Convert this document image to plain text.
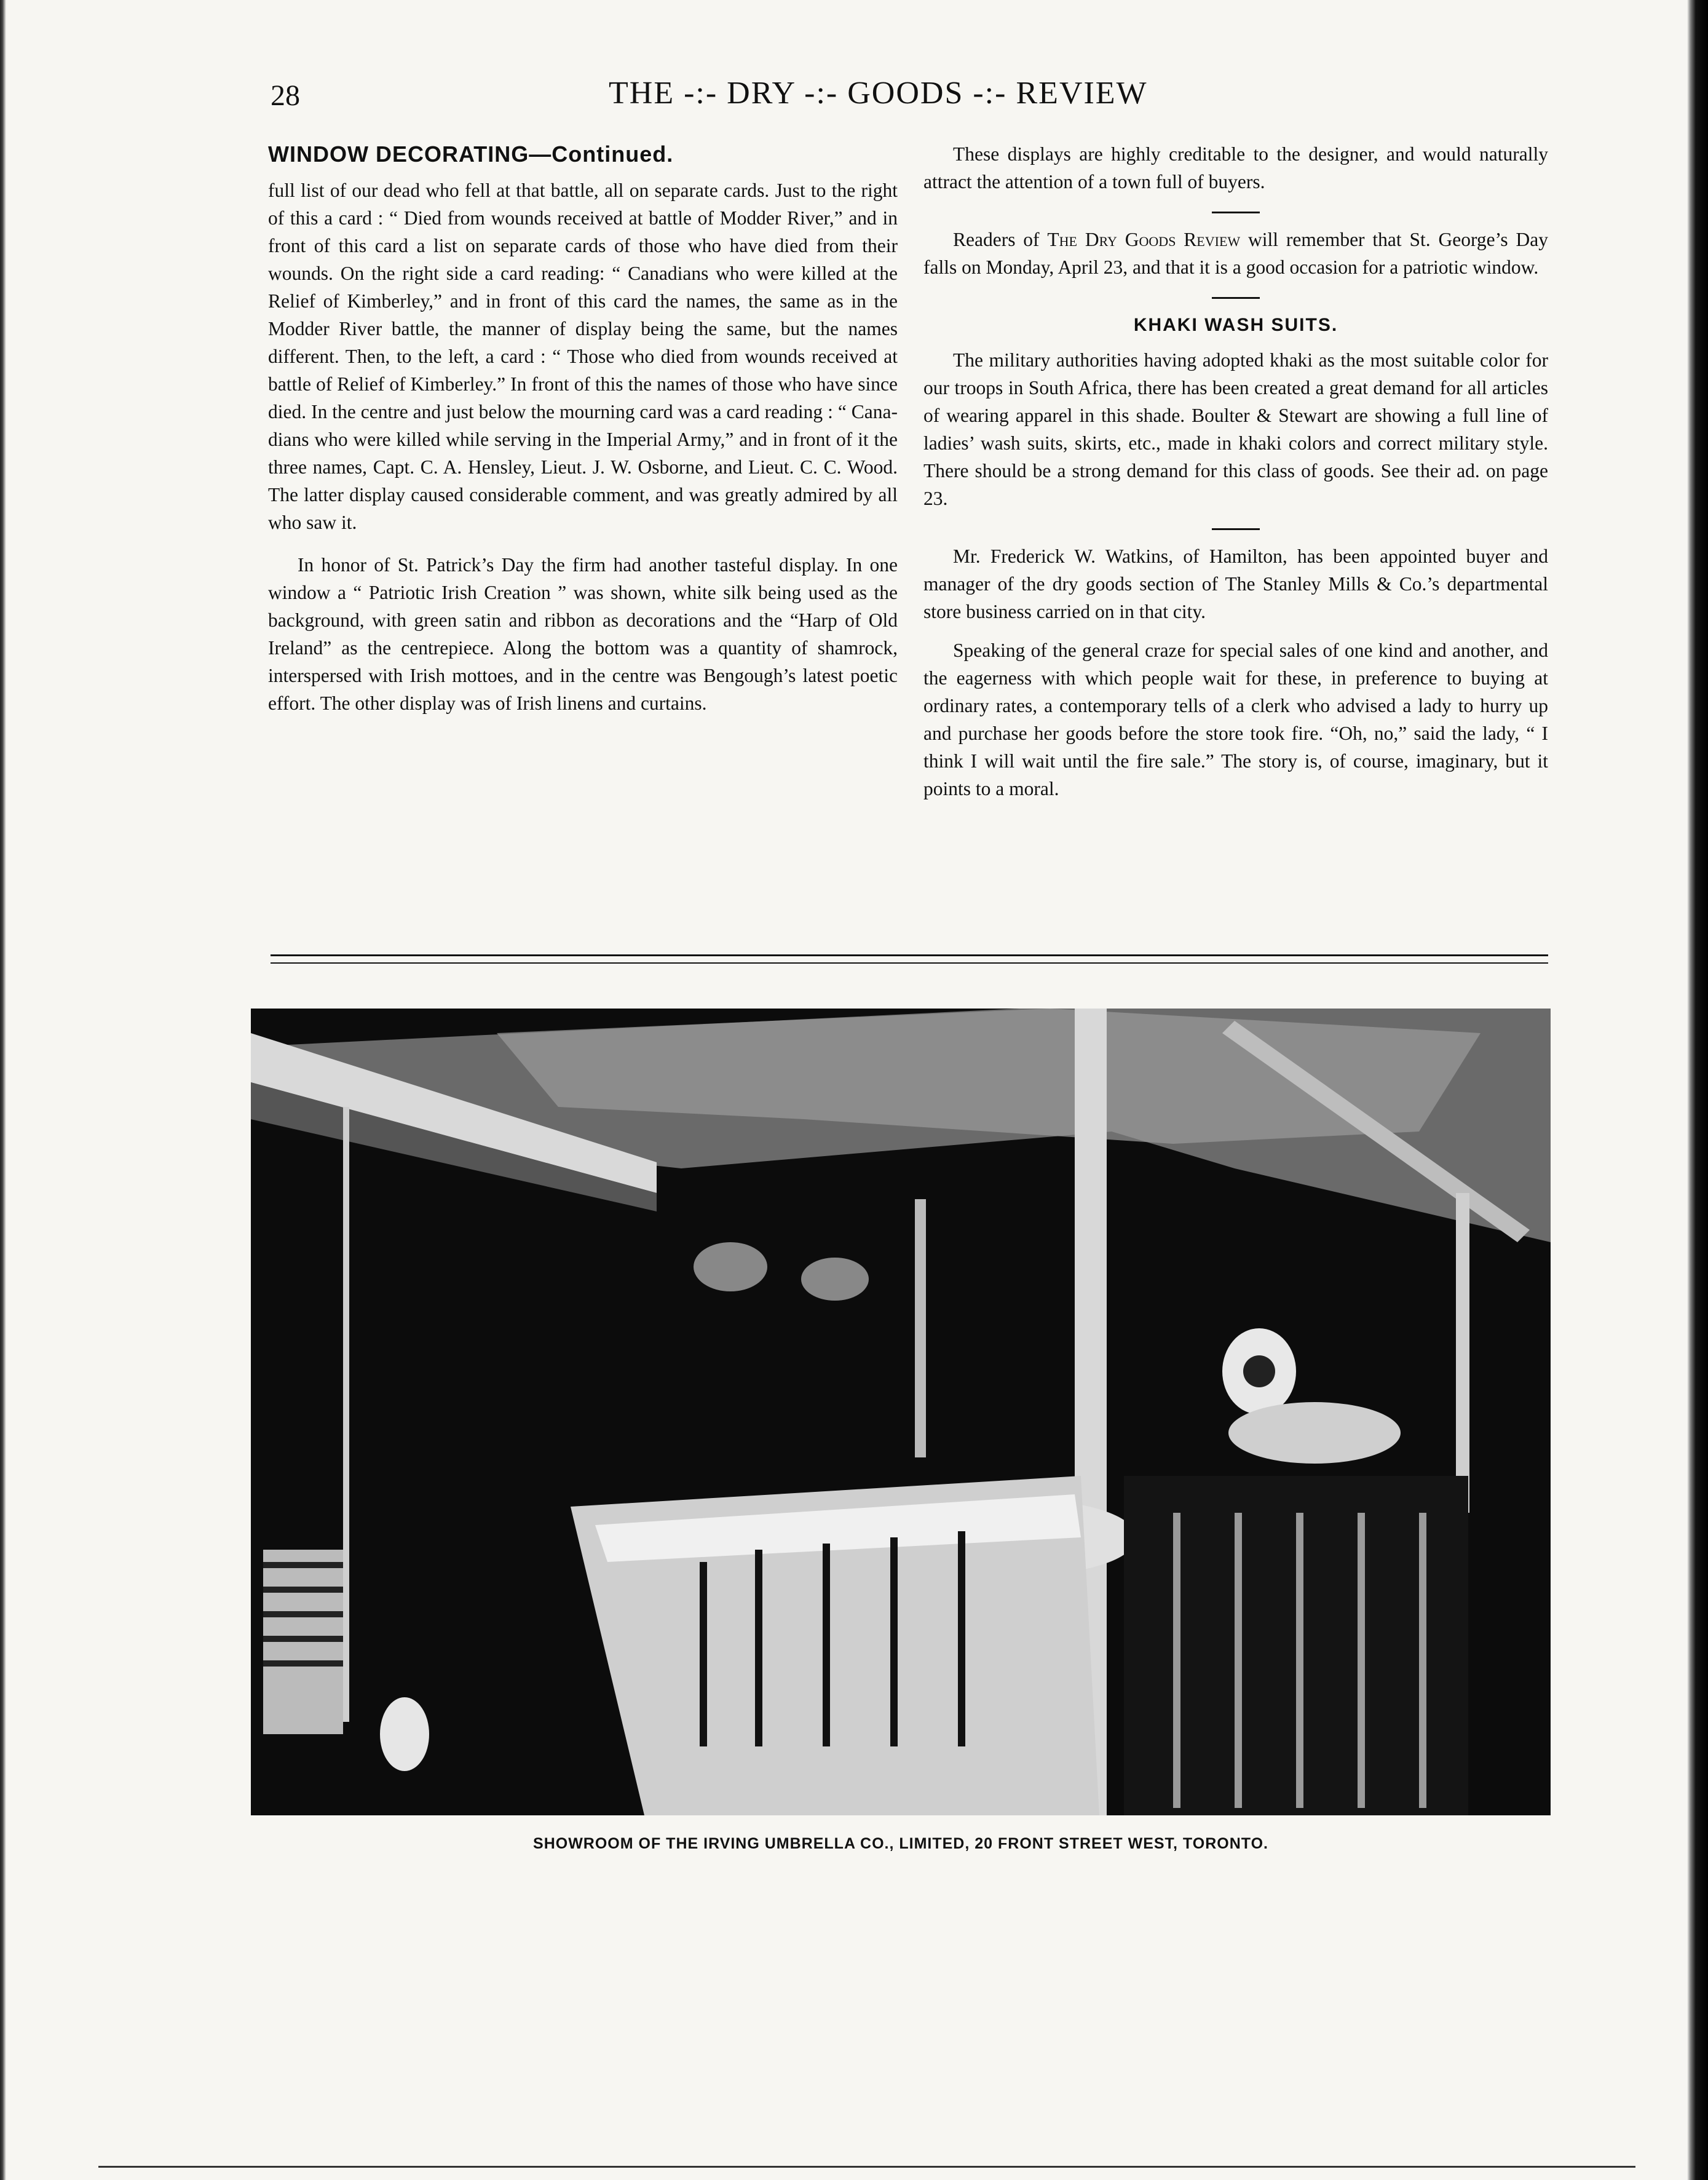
28	THE -:- DRY -:- GOODS -:- REVIEW
WINDOW DECORATING—Continued.

full list of our dead who fell at that battle, all on separate cards. Just to the right of this a card : “ Died from wounds received at battle of Modder River,” and in front of this card a list on separate cards of those who have died from their wounds. On the right side a card reading: “ Canadians who were killed at the Relief of Kimberley,” and in front of this card the names, the same as in the Modder River battle, the manner of display being the same, but the names different. Then, to the left, a card : “ Those who died from wounds received at battle of Relief of Kimberley.” In front of this the names of those who have since died. In the centre and just below the mourning card was a card reading : “ Canadians who were killed while serving in the Imperial Army,” and in front of it the three names, Capt. C. A. Hensley, Lieut. J. W. Osborne, and Lieut. C. C. Wood. The latter display caused considerable comment, and was greatly admired by all who saw it.

In honor of St. Patrick’s Day the firm had another tasteful display. In one window a “ Patriotic Irish Creation ” was shown, white silk being used as the background, with green satin and ribbon as decorations and the “Harp of Old Ireland” as the centrepiece. Along the bottom was a quantity of shamrock, interspersed with Irish mottoes, and in the centre was Bengough’s latest poetic effort. The other display was of Irish linens and curtains.

These displays are highly creditable to the designer, and would naturally attract the attention of a town full of buyers.

Readers of The Dry Goods Review will remember that St. George’s Day falls on Monday, April 23, and that it is a good occasion for a patriotic window.

KHAKI WASH SUITS.

The military authorities having adopted khaki as the most suitable color for our troops in South Africa, there has been created a great demand for all articles of wearing apparel in this shade. Boulter & Stewart are showing a full line of ladies’ wash suits, skirts, etc., made in khaki colors and correct military style. There should be a strong demand for this class of goods. See their ad. on page 23.

Mr. Frederick W. Watkins, of Hamilton, has been appointed buyer and manager of the dry goods section of The Stanley Mills & Co.’s departmental store business carried on in that city.

Speaking of the general craze for special sales of one kind and another, and the eagerness with which people wait for these, in preference to buying at ordinary rates, a contemporary tells of a clerk who advised a lady to hurry up and purchase her goods before the store took fire. “Oh, no,” said the lady, “ I think I will wait until the fire sale.” The story is, of course, imaginary, but it points to a moral.

SHOWROOM OF THE IRVING UMBRELLA CO., LIMITED, 20 FRONT STREET WEST, TORONTO.
